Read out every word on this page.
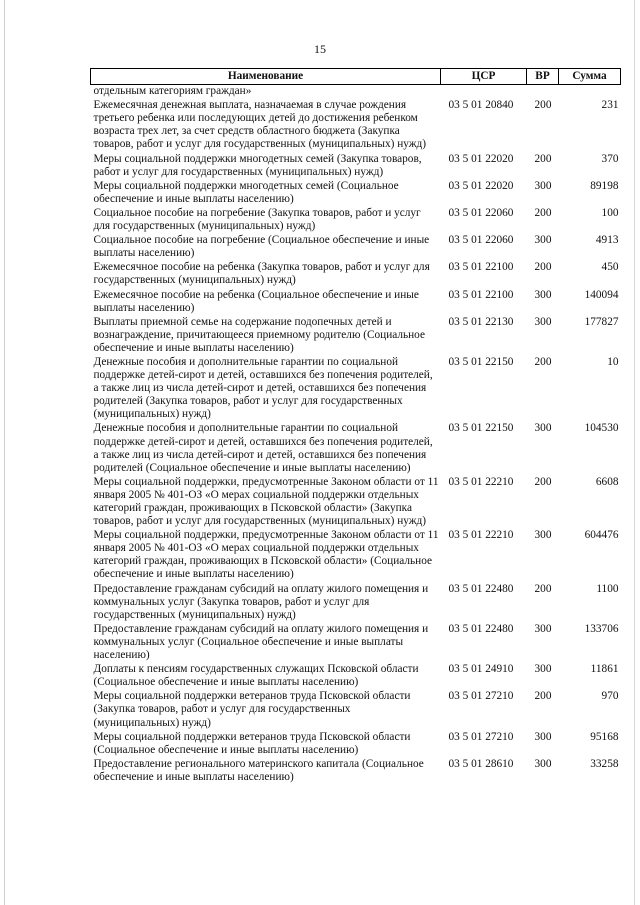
15
Наименование	ЦСР	ВР	Сумма
отдельным категориям граждан»			
Ежемесячная денежная выплата, назначаемая в случае рождения третьего ребенка или последующих детей до достижения ребенком возраста трех лет, за счет средств областного бюджета (Закупка товаров, работ и услуг для государственных (муниципальных) нужд)	03 5 01 20840	200	231
Меры социальной поддержки многодетных семей (Закупка товаров, работ и услуг для государственных (муниципальных) нужд)	03 5 01 22020	200	370
Меры социальной поддержки многодетных семей (Социальное обеспечение и иные выплаты населению)	03 5 01 22020	300	89198
Социальное пособие на погребение (Закупка товаров, работ и услуг для государственных (муниципальных) нужд)	03 5 01 22060	200	100
Социальное пособие на погребение (Социальное обеспечение и иные выплаты населению)	03 5 01 22060	300	4913
Ежемесячное пособие на ребенка (Закупка товаров, работ и услуг для государственных (муниципальных) нужд)	03 5 01 22100	200	450
Ежемесячное пособие на ребенка (Социальное обеспечение и иные выплаты населению)	03 5 01 22100	300	140094
Выплаты приемной семье на содержание подопечных детей и вознаграждение, причитающееся приемному родителю (Социальное обеспечение и иные выплаты населению)	03 5 01 22130	300	177827
Денежные пособия и дополнительные гарантии по социальной поддержке детей-сирот и детей, оставшихся без попечения родителей, а также лиц из числа детей-сирот и детей, оставшихся без попечения родителей (Закупка товаров, работ и услуг для государственных (муниципальных) нужд)	03 5 01 22150	200	10
Денежные пособия и дополнительные гарантии по социальной поддержке детей-сирот и детей, оставшихся без попечения родителей, а также лиц из числа детей-сирот и детей, оставшихся без попечения родителей (Социальное обеспечение и иные выплаты населению)	03 5 01 22150	300	104530
Меры социальной поддержки, предусмотренные Законом области от 11 января 2005 № 401-ОЗ «О мерах социальной поддержки отдельных категорий граждан, проживающих в Псковской области» (Закупка товаров, работ и услуг для государственных (муниципальных) нужд)	03 5 01 22210	200	6608
Меры социальной поддержки, предусмотренные Законом области от 11 января 2005 № 401-ОЗ «О мерах социальной поддержки отдельных категорий граждан, проживающих в Псковской области» (Социальное обеспечение и иные выплаты населению)	03 5 01 22210	300	604476
Предоставление гражданам субсидий на оплату жилого помещения и коммунальных услуг (Закупка товаров, работ и услуг для государственных (муниципальных) нужд)	03 5 01 22480	200	1100
Предоставление гражданам субсидий на оплату жилого помещения и коммунальных услуг (Социальное обеспечение и иные выплаты населению)	03 5 01 22480	300	133706
Доплаты к пенсиям государственных служащих Псковской области (Социальное обеспечение и иные выплаты населению)	03 5 01 24910	300	11861
Меры социальной поддержки ветеранов труда Псковской области (Закупка товаров, работ и услуг для государственных (муниципальных) нужд)	03 5 01 27210	200	970
Меры социальной поддержки ветеранов труда Псковской области (Социальное обеспечение и иные выплаты населению)	03 5 01 27210	300	95168
Предоставление регионального материнского капитала (Социальное обеспечение и иные выплаты населению)	03 5 01 28610	300	33258
